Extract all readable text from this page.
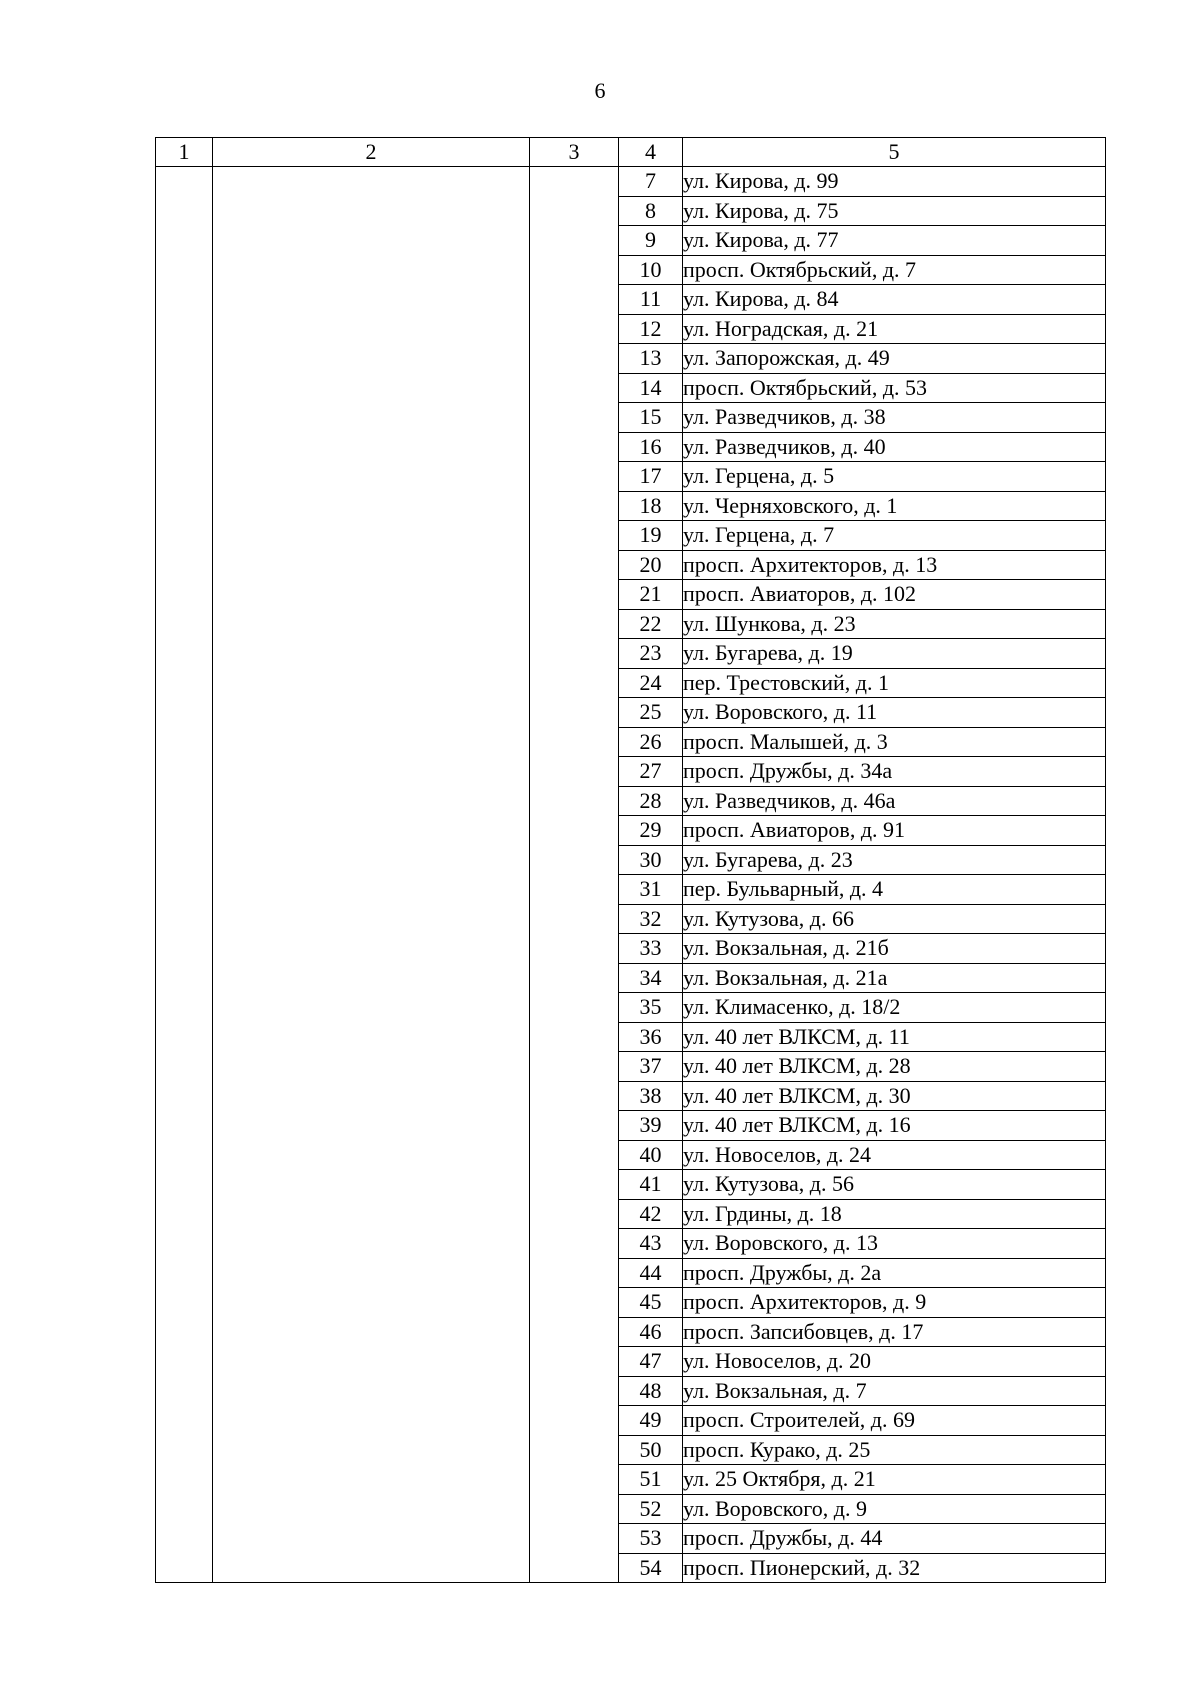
6
1	2	3	4	5
			7	ул. Кирова, д. 99
			8	ул. Кирова, д. 75
			9	ул. Кирова, д. 77
			10	просп. Октябрьский, д. 7
			11	ул. Кирова, д. 84
			12	ул. Ноградская, д. 21
			13	ул. Запорожская, д. 49
			14	просп. Октябрьский, д. 53
			15	ул. Разведчиков, д. 38
			16	ул. Разведчиков, д. 40
			17	ул. Герцена, д. 5
			18	ул. Черняховского, д. 1
			19	ул. Герцена, д. 7
			20	просп. Архитекторов, д. 13
			21	просп. Авиаторов, д. 102
			22	ул. Шункова, д. 23
			23	ул. Бугарева, д. 19
			24	пер. Трестовский, д. 1
			25	ул. Воровского, д. 11
			26	просп. Малышей, д. 3
			27	просп. Дружбы, д. 34а
			28	ул. Разведчиков, д. 46а
			29	просп. Авиаторов, д. 91
			30	ул. Бугарева, д. 23
			31	пер. Бульварный, д. 4
			32	ул. Кутузова, д. 66
			33	ул. Вокзальная, д. 21б
			34	ул. Вокзальная, д. 21а
			35	ул. Климасенко, д. 18/2
			36	ул. 40 лет ВЛКСМ, д. 11
			37	ул. 40 лет ВЛКСМ, д. 28
			38	ул. 40 лет ВЛКСМ, д. 30
			39	ул. 40 лет ВЛКСМ, д. 16
			40	ул. Новоселов, д. 24
			41	ул. Кутузова, д. 56
			42	ул. Грдины, д. 18
			43	ул. Воровского, д. 13
			44	просп. Дружбы, д. 2а
			45	просп. Архитекторов, д. 9
			46	просп. Запсибовцев, д. 17
			47	ул. Новоселов, д. 20
			48	ул. Вокзальная, д. 7
			49	просп. Строителей, д. 69
			50	просп. Курако, д. 25
			51	ул. 25 Октября, д. 21
			52	ул. Воровского, д. 9
			53	просп. Дружбы, д. 44
			54	просп. Пионерский, д. 32
